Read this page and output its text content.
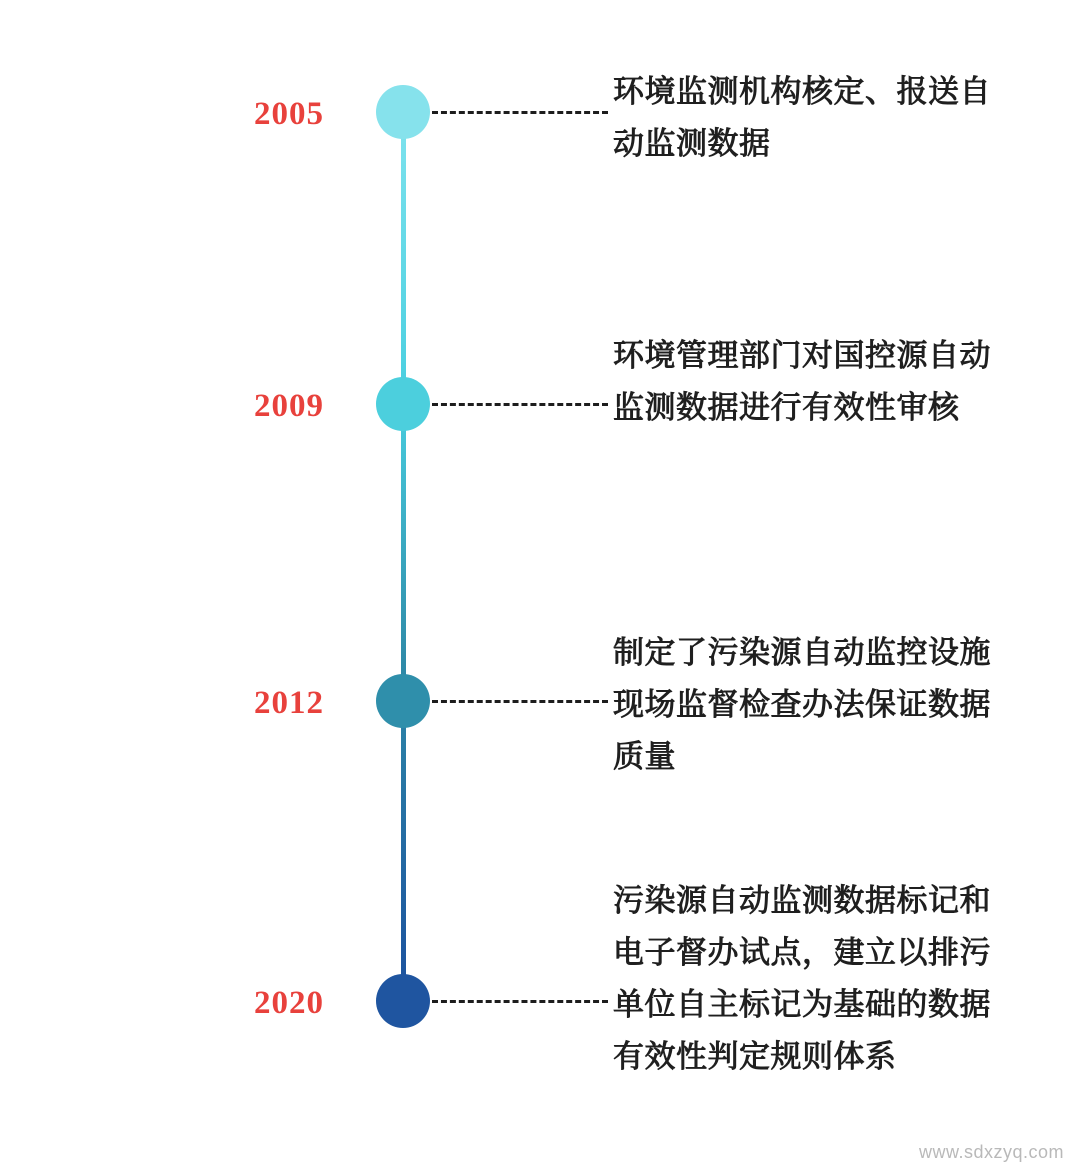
2005
环境监测机构核定、报送自动监测数据
2009
环境管理部门对国控源自动监测数据进行有效性审核
2012
制定了污染源自动监控设施现场监督检查办法保证数据质量
2020
污染源自动监测数据标记和电子督办试点，建立以排污单位自主标记为基础的数据有效性判定规则体系
www.sdxzyq.com
